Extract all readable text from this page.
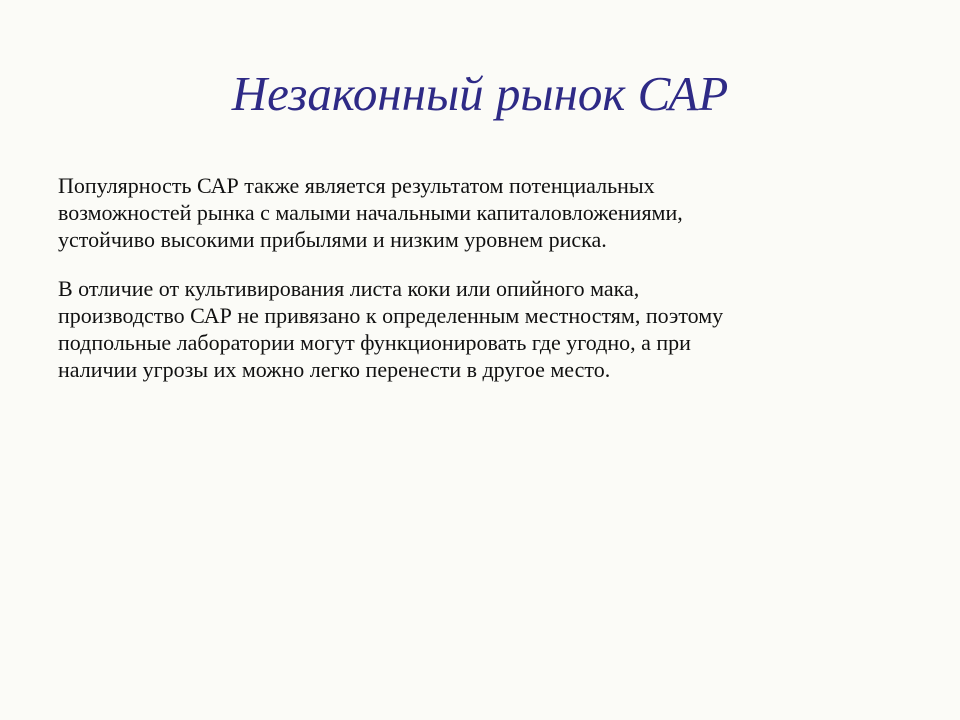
Незаконный рынок САР

Популярность САР также является результатом потенциальных
возможностей рынка с малыми начальными капиталовложениями,
устойчиво высокими прибылями и низким уровнем риска.

В отличие от культивирования листа коки или опийного мака,
производство САР не привязано к определенным местностям, поэтому
подпольные лаборатории могут функционировать где угодно, а при
наличии угрозы их можно легко перенести в другое место.
